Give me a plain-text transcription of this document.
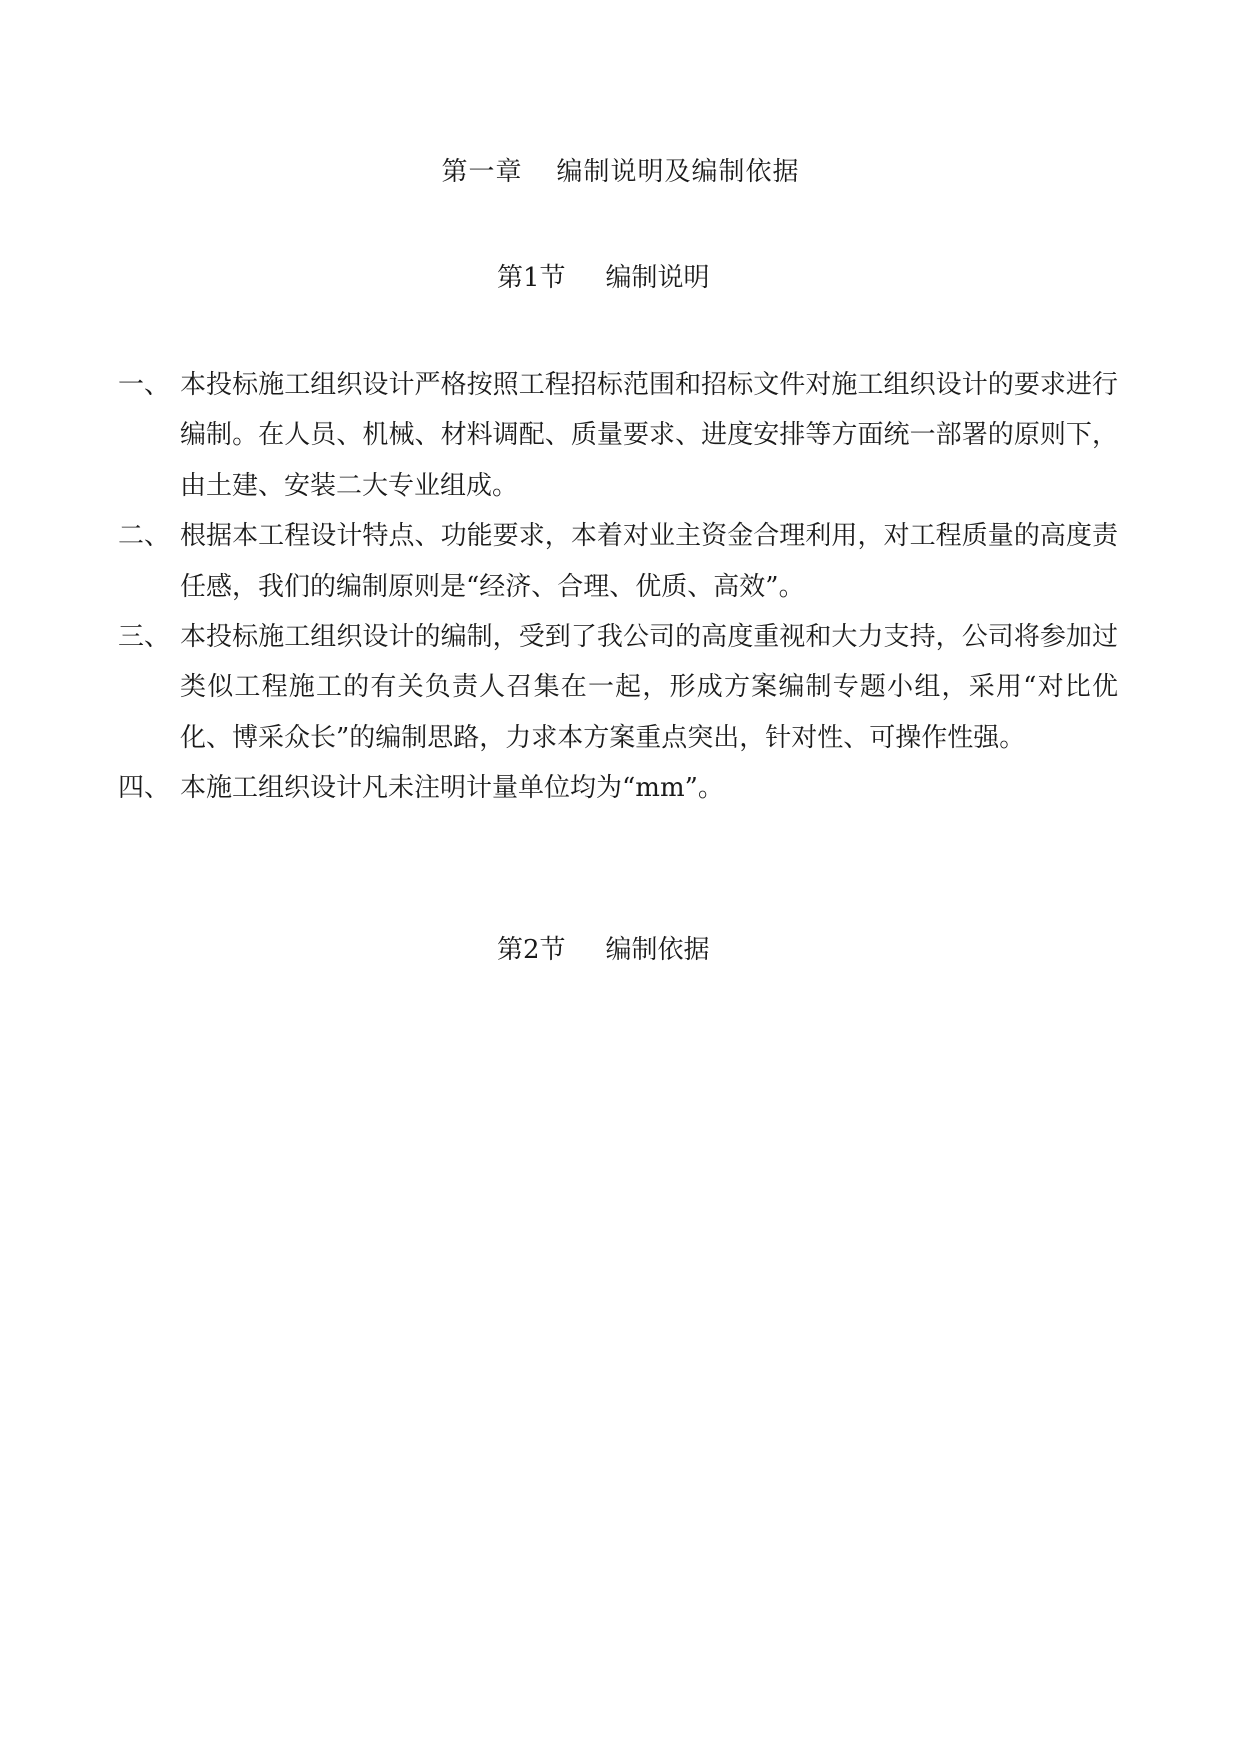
第一章 编制说明及编制依据
第1节 编制说明
一、 本投标施工组织设计严格按照工程招标范围和招标文件对施工组织设计的要求进行编制。在人员、机械、材料调配、质量要求、进度安排等方面统一部署的原则下，由土建、安装二大专业组成。
二、 根据本工程设计特点、功能要求，本着对业主资金合理利用，对工程质量的高度责任感，我们的编制原则是“经济、合理、优质、高效”。
三、 本投标施工组织设计的编制，受到了我公司的高度重视和大力支持，公司将参加过类似工程施工的有关负责人召集在一起，形成方案编制专题小组，采用“对比优化、博采众长”的编制思路，力求本方案重点突出，针对性、可操作性强。
四、 本施工组织设计凡未注明计量单位均为“mm”。
第2节 编制依据
